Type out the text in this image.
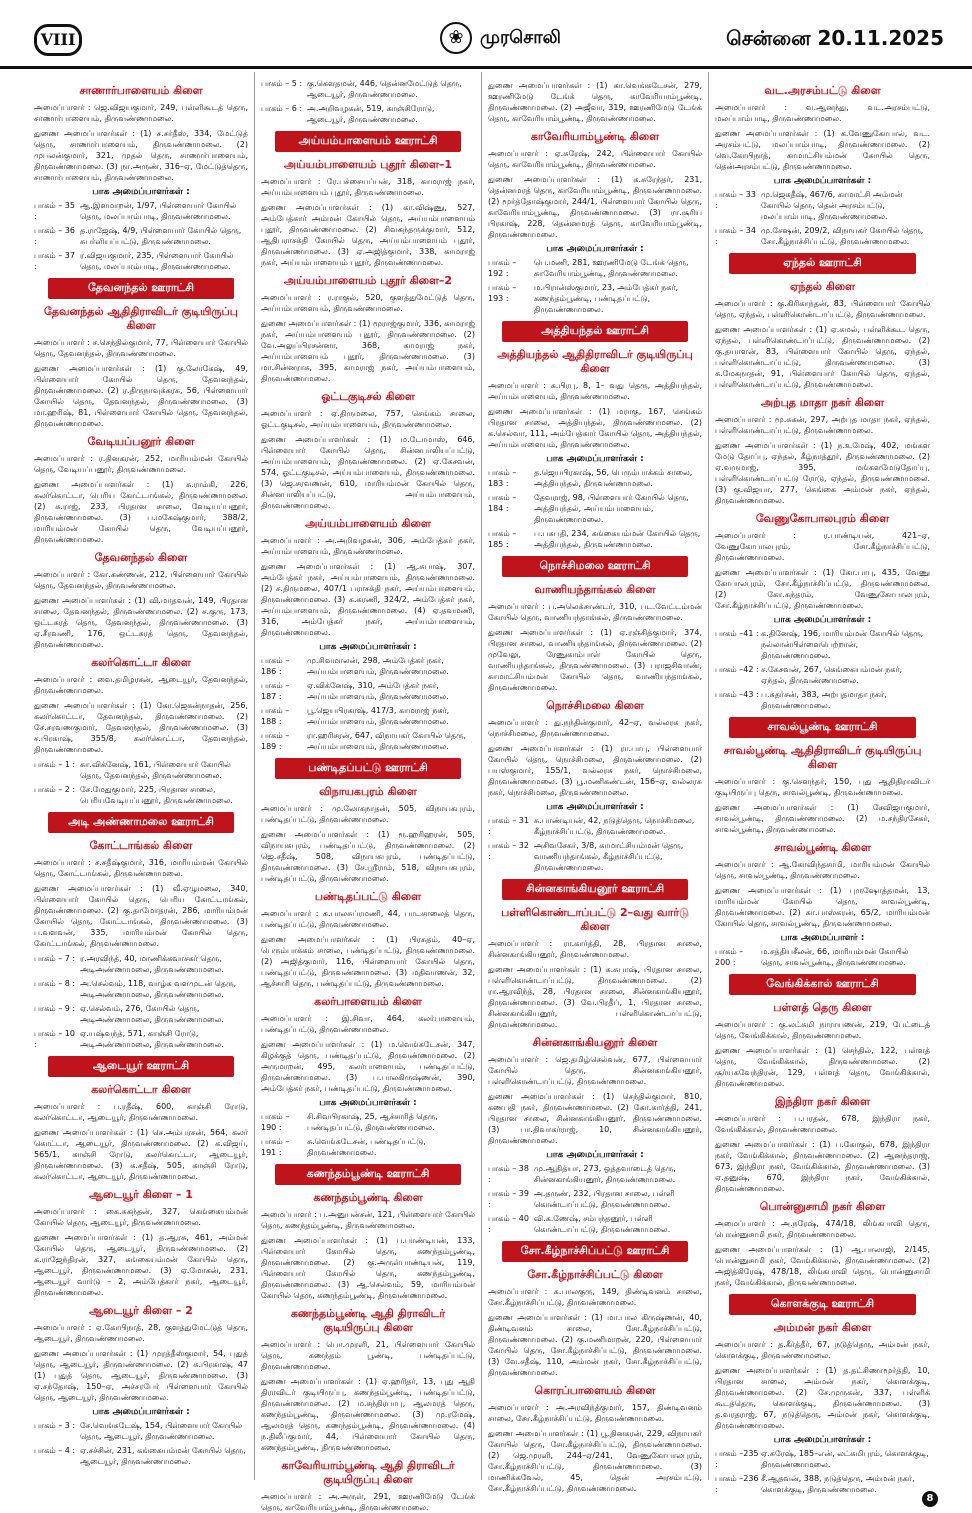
VIII	❀ முரசொலி	சென்னை 20.11.2025
சாணார்பாளையம் கிளை
அமைப்பாளர் : ஜெ.விஜயகுமார், 249, பள்ளிகூடத் தெரு, சாணார்பாளையம், திருவண்ணாமலை.
துணை அமைப்பாளர்கள் : (1) ச.சர்தீஸ், 334, மேட்டுத் தெரு, சாணார்பாளையம், திருவண்ணாமலை. (2) முபலன்குமார், 321, முதல் தெரு, சாணார்பாளையம், திருவண்ணாமலை. (3) நா.அருண், 316–ஏ, மேட்டுத்தெரு, சாணார்பாளையம், திருவண்ணாமலை.
பாக அமைப்பாளர்கள் :
பாகம் – 35 :
ஆ.இளமாறன், 1/97, பிள்ளையார் கோயில் தெரு, மலப்பாம்பாடி, திருவண்ணாமலை.
பாகம் – 36 :
த.ராஜேஷ், 4/9, பிள்ளையார் கோயில் தெரு, சுபர்ளியப்பட்டு, திருவண்ணாமலை.
பாகம் – 37 :
ர.விஜயகுமார், 235, பிள்ளையார் கோயில் தெரு, மலப்பாம்பாடி, திருவண்ணாமலை.
தேவனந்தல் ஊராட்சி
தேவனந்தல் ஆதிதிராவிடர் குடியிருப்பு கிளை
அமைப்பாளர் : ச.செந்தில்குமார், 77, பிள்ளையார் கோயில் தெரு, தேவனந்தல், திருவண்ணாமலை.
துணை அமைப்பாளர்கள் : (1) கு.லோகேஷ், 49, பிள்ளையார் கோயில் தெரு, தேவனந்தல், திருவண்ணாமலை. (2) ர.திருநாவுக்கரசு, 56, பிள்ளையார் கோயில் தெரு, தேவனந்தல், திருவண்ணாமலை. (3) மா.ஹரிஷ், 81, பிள்ளையார் கோயில் தெரு, தேவனந்தல், திருவண்ணாமலை.
வேடியப்பனூர் கிளை
அமைப்பாளர் : ர.தினகரன், 252, மாரியம்மன் கோயில் தெரு, வேடியப்பனூர், திருவண்ணாமலை.
துணை அமைப்பாளர்கள் : (1) சு.ராம்கி, 226, கலர்கொட்டா, பெரிய கோட்டாங்கல், திருவண்ணாமலை. (2) சு.ராஜ், 233, பிரதான சாலை, வேடியப்பனூர், திருவண்ணாமலை. (3) ப.மகேஷ்குமார், 388/2, மாரியம்மன் கோயில் தெரு, வேடியப்பனூர், திருவண்ணாமலை.
தேவனந்தல் கிளை
அமைப்பாளர் : கோ.கண்ணன், 212, பிள்ளையார் கோயில் தெரு, தேவனந்தல், திருவண்ணாமலை.
துணை அமைப்பாளர்கள் : (1) வி.மாதவன், 149, பிரதான சாலை, தேவனந்தல், திருவண்ணாமலை. (2) ச.குரு, 173, ஒட்டகரத் தெரு, தேவனந்தல், திருவண்ணாமலை. (3) ஏ.சீரவணி, 176, ஒட்டகரத் தெரு, தேவனந்தல், திருவண்ணாமலை.
கலர்கொட்டா கிளை
அமைப்பாளர் : வை.தமிழரசன், ஆடையூர், தேவனந்தல், திருவண்ணாமலை.
துணை அமைப்பாளர்கள் : (1) கோ.ஜெகன்நாதன், 256, கலர்கொட்டா, தேவனந்தல், திருவண்ணாமலை. (2) சே.சரவணகுமார், தேவனந்தல், திருவண்ணாமலை. (3) ச.பிரகாஷ், 355/8, கலர்கொட்டா, தேவனந்தல், திருவண்ணாமலை.
பாகம் – 1 : கா.விக்னேஷ், 161, பிள்ளையார் கோயில் தெரு, தேவனந்தல், திருவண்ணாமலை.
பாகம் – 2 : சே.மேதுகுமார், 225, பிரதான சாலை, பெரியவேடியப்பனூர், திருவண்ணாமலை.
அடி அண்ணாமலை ஊராட்சி
கோட்டாங்கல் கிளை
அமைப்பாளர் : ச.சதீஷ்குமார், 316, மாரியம்மன் கோயில் தெரு, கோட்டாங்கல், திருவண்ணாமலை.
துணை அமைப்பாளர்கள் : (1) வீ.ஏழுமலை, 340, பிள்ளையார் கோயில் தெரு, பெரிய கோட்டாங்கல், திருவண்ணாமலை. (2) கு.தாமோதரன், 286, மாரியம்மன் கோயில் தெரு, கோட்டாங்கல், திருவண்ணாமலை. (3) ப.வளவன், 335, மாரியம்மன் கோயில் தெரு, கோட்டாங்கல், திருவண்ணாமலை.
பாகம் – 7 : ர.அரவிந்த், 40, மாணிக்கவாசகர் தெரு, அடிஅண்ணாமலை, திருவண்ணாமலை.
பாகம் – 8 : அ.செல்வம், 118, வாழ்க வளமுடன் தெரு, அடிஅண்ணாமலை, திருவண்ணாமலை.
பாகம் – 9 : ஏ.செல்வம், 276, கோயில் தெரு, அடிஅண்ணாமலை, திருவண்ணாமலை.
பாகம் – 10 :
ஏ.யஷ்வந்த், 571, காஞ்சி ரோடு, அடிஅண்ணாமலை, திருவண்ணாமலை.
ஆடையூர் ஊராட்சி
கலர்கொட்டா கிளை
அமைப்பாளர் : ப.ரதீஷ், 600, காஞ்சி ரோடு, கலர்கொட்டா, ஆடையூர், திருவண்ணாமலை.
துணை அமைப்பாளர்கள் : (1) செ.அம்பரசன், 564, கலர் கொட்டா, ஆடையூர், திருவண்ணாமலை. (2) க.விஜய், 565/1, காஞ்சி ரோடு, கலர்கொட்டா, ஆடையூர், திருவண்ணாமலை. (3) க.சதீஷ், 505, காஞ்சி ரோடு, கலர்கொட்டா, ஆடையூர், திருவண்ணாமலை.
ஆடையூர் கிளை – 1
அமைப்பாளர் : கை.சுகந்தன், 327, கெங்கையம்மன் கோயில் தெரு, ஆடையூர், திருவண்ணாமலை.
துணை அமைப்பாளர்கள் : (1) த.ஆரசு, 461, அம்மன் கோயில் தெரு, ஆடையூர், திருவண்ணாமலை. (2) க.ராஜேந்திரன், 327, கங்கையம்மன் கோயில் தெரு, ஆடையூர், திருவண்ணாமலை. (3) ஏ.மோகன், 231, ஆடையூர் வார்டு – 2, அம்பேத்கார் நகர், ஆடையூர், திருவண்ணாமலை.
ஆடையூர் கிளை – 2
அமைப்பாளர் : ஏ.கோபிநாத், 28, குளத்துமேட்டுத் தெரு, ஆடையூர், திருவண்ணாமலை.
துணை அமைப்பாளர்கள் : (1) முரத்தீஸ்குமார், 54, புதுத் தெரு, ஆடையூர், திருவண்ணாமலை. (2) சு.பிரகாஷ், 47 (1) புதுத் தெரு, ஆடையூர், திருவண்ணாமலை. (3) ஏ.சந்தோஷ், 150–ஏ, அச்சரபேர் பிள்ளையார் கோயில் தெரு, ஆடையூர், திருவண்ணாமலை.
பாக அமைப்பாளர்கள் :
பாகம் – 3 : சே.வெங்கடேஷ், 154, பிள்ளையார் கோயில் தெரு, ஆடையூர், திருவண்ணாமலை.
பாகம் – 4 : ஏ.சச்சின், 231, கங்கையம்மன் கோயில் தெரு, ஆடையூர், திருவண்ணாமலை.
பாகம் – 5 : கு.கௌதமன், 446, தென்னமேட்டுத் தெரு, ஆடையூர், திருவண்ணாமலை.
பாகம் – 6 : அ.அறிவழகன், 519, காஞ்சிரோடு, ஆடையூர், திருவண்ணாமலை.
அய்யம்பாளையம் ஊராட்சி
அய்யம்பாளையம் புதூர் கிளை–1
அமைப்பாளர் : ரே.பச்சையப்பன், 318, காமராஜ் நகர், அய்யம்பாளையம் புதூர், திருவண்ணாமலை.
துணை அமைப்பாளர்கள் : (1) கா.விஷ்ணு, 527, அம்பேத்கார் அம்மன் கோயில் தெரு, அய்யம்பாளையம் புதூர், திருவண்ணாமலை. (2) சிவசுந்தருக்குமார், 512, ஆதிபராசக்தி கோயில் தெரு, அய்யம்பாளையம் புதூர், திருவண்ணாமலை. (3) ஏ.அஜித்குமார், 338, காமராஜ் நகர், அய்யம்பாளையம் புதூர், திருவண்ணாமலை.
அய்யம்பாளையம் புதூர் கிளை–2
அமைப்பாளர் : ர.ராகுல், 520, குளத்துமேட்டுத் தெரு, அய்யம்பாளையம், திருவண்ணாமலை.
துணை அமைப்பாளர்கள் : (1) மூராஜ்குமார், 336, காமராஜ் நகர், அய்யம்பாளையம் புதூர், திருவண்ணாமலை. (2) வே.அலுப்பிரசன்னா, 368, காமராஜ் நகர், அய்யம்பாளையம் புதூர், திருவண்ணாமலை. (3) மா.சின்னராசு, 395, காமராஜ் நகர், அய்யம்பாளையம், திருவண்ணாமலை.
ஓட்டகுடிசல் கிளை
அமைப்பாளர் : ஏ.திருமலை, 757, செங்கம் சாலை, ஓட்டகுடிசல், அய்யம்பாளையம், திருவண்ணாமலை.
துணை அமைப்பாளர்கள் : (1) ம.டோமாஸ், 646, பிள்ளையார் கோயில் தெரு, சின்னபாலியப்பட்டு, அய்யம்பாளையம், திருவண்ணாமலை. (2) ஏ.கேசவன், 574, ஓட்டகுடிசல், அய்யம்பாளையம், திருவண்ணாமலை. (3) ஜெ.சரவணன், 610, மாரியம்மன் கோயில் தெரு, சின்னபாலியப்பட்டு, அய்யம்பாளையம், திருவண்ணாமலை.
அய்யம்பாளையம் கிளை
அமைப்பாளர் : அ.அறிவழகன், 306, அம்பேத்கர் நகர், அய்யம்பாளையம், திருவண்ணாமலை.
துணை அமைப்பாளர்கள் : (1) ஆ.சுபாஷ், 307, அம்பேத்கர் நகர், அய்யம்பாளையம், திருவண்ணாமலை. (2) ச.திருமலை, 407/1 பராசக்தி நகர், அய்யம்பாளையம், திருவண்ணாமலை. (3) க.கரணி, 324/2, அம்பேத்கர் நகர், அய்யம்பாளையம், திருவண்ணாமலை. (4) ஏ.தவமணி, 316, அம்பேத்கர் நகர், அய்யம்பாளையம், திருவண்ணாமலை.
பாக அமைப்பாளர்கள் :
பாகம் – 186 :
மு.சிவமாலன், 298, அம்பேத்கர் நகர், அய்யம்பாளையம், திருவண்ணாமலை.
பாகம் – 187 :
ஏ.விக்னேஷ், 310, அம்பேத்கர் நகர், அய்யம்பாளையம், திருவண்ணாமலை.
பாகம் – 188 :
பூ.ஜெயபிரகாஷ், 417/3, காமராஜ் நகர், அய்யம்பாளையம், திருவண்ணாமலை.
பாகம் – 189 :
ரா.ஹரிசரன், 647, விநாயகர் கோயில் தெரு, அய்யம்பாளையம், திருவண்ணாமலை.
பண்டிதப்பட்டு ஊராட்சி
விநாயகபுரம் கிளை
அமைப்பாளர் : மு.லோகநாதன், 505, விநாயகபுரம், பண்டிதப்பட்டு, திருவண்ணாமலை.
துணை அமைப்பாளர்கள் : (1) ரூ.ஹரிஹரன், 505, விநாயகபுரம், பண்டிதப்பட்டு, திருவண்ணாமலை. (2) ஜெ.சதீஷ், 508, விநாயகபுரம், பண்டிதப்பட்டு, திருவண்ணாமலை. (3) சே.ஸ்ரீராம், 518, விநாயகபுரம், பண்டிதப்பட்டு, திருவண்ணாமலை.
பண்டிதப்பட்டு கிளை
அமைப்பாளர் : க.பாலசுப்ரமணி, 44, பாடசாலைத் தெரு, பண்டிதப்பட்டு, திருவண்ணாமலை.
துணை அமைப்பாளர்கள் : (1) பிரசுதம், 40–ஏ, பெரும்பாக்கம் சாலை, பண்டிதப்பட்டு, திருவண்ணாமலை. (2) அஜித்குமார், 116, பிள்ளையார் கோயில் தெரு, பண்டிதப்பட்டு, திருவண்ணாமலை. (3) மதிவாணன், 32, ஆச்சாரி தெரு, பண்டிதப்பட்டு, திருவண்ணாமலை.
கலர்பாளையம் கிளை
அமைப்பாளர் : இ.சிவா, 464, கலர்பாளையம், பண்டிதப்பட்டு, திருவண்ணாமலை.
துணை அமைப்பாளர்கள் : (1) ம.வெங்கடேசன், 347, கிழக்குத் தெரு, பண்டிதப்பட்டு, திருவண்ணாமலை. (2) அருமாறன், 495, கலர்பாளையம், பண்டிதப்பட்டு, திருவண்ணாமலை. (3) ப.பாலகிருஷ்ணன், 390, அம்பேத்கர் நகர், பண்டிதப்பட்டு, திருவண்ணாமலை.
பாக அமைப்பாளர்கள் :
பாகம் – 190 :
சி.சிவபிரகாஷ், 25, ஆச்சாரித் தெரு, பண்டிதப்பட்டு, திருவண்ணாமலை.
பாகம் – 191 :
சு.வெங்கடேசன், பண்டிதப்பட்டு, திருவண்ணாமலை.
கணந்தம்பூண்டி ஊராட்சி
கணந்தம்பூண்டி கிளை
அமைப்பாளர் : ப.அனுபன்சன், 121, பிள்ளையார் கோயில் தெரு, கணந்தம்பூண்டி, திருவண்ணாமலை.
துணை அமைப்பாளர்கள் : (1) ப.பாண்டியன், 133, பிள்ளையார் கோயில் தெரு, கணந்தம்பூண்டி, திருவண்ணாமலை. (2) கு.அருள்பாண்டியன், 119, பிள்ளையார் கோயில் தெரு, கணந்தம்பூண்டி, திருவண்ணாமலை. (3) ஆ.செல்வம், 59, மாரியம்மன் கோயில் தெரு, கணந்தம்பூண்டி, திருவண்ணாமலை.
கணந்தம்பூண்டி ஆதி திராவிடர் குடியிருப்பு கிளை
அமைப்பாளர் : பொ.முரளி, 21, பிள்ளையார் கோயில் தெரு, கணந்தம் பூண்டி, பண்டிதப்பட்டு, திருவண்ணாமலை.
துணை அமைப்பாளர்கள் : (1) ஏ.ஹரிதர், 13, புது ஆதி திராவிடர் குடியிருப்பு, கணந்தம்பூண்டி, பண்டிதப்பட்டு, திருவண்ணாமலை. (2) ம.சந்திரபாபு, ஆலமரத் தெரு, கணந்தம்பூண்டி, திருவண்ணாமலை. (3) மு.ரமேஷ், ஆலமரத் தெரு, கணந்தம்பூண்டி, திருவண்ணாமலை. (4) ந.திலீப்குமார், 44, பிள்ளையார் கோயில் தெரு, கணந்தம்பூண்டி, திருவண்ணாமலை.
காவேரியாம்பூண்டி ஆதி திராவிடர் குடியிருப்பு கிளை
அமைப்பாளர் : அ.அருள், 291, ஊரணிமேடு டேங்க் தெரு, காவேரியாம்பூண்டி, திருவண்ணாமலை.
துணை அமைப்பாளர்கள் : (1) கா.வெங்கடேசன், 279, ஊரணிமேடு டேங்க் தெரு, காவேரியாம்பூண்டி, திருவண்ணாமலை. (2) அஜீவா, 319, ஊரணிமேடு டேங்க் தெரு, காவேரியாம்பூண்டி, திருவண்ணாமலை.
காவேரியாம்பூண்டி கிளை
அமைப்பாளர் : ஏ.சுரேஷ், 242, பிள்ளையார் கோயில் தெரு, காவேரியாம்பூண்டி, திருவண்ணாமலை.
துணை அமைப்பாளர்கள் : (1) க.சுரேந்தர், 231, தென்னமரத் தெரு, காவேரியாம்பூண்டி, திருவண்ணாமலை. (2) மூர்த்தோஷ்குமார், 244/1, பிள்ளையார் கோயில் தெரு, காவேரியாம்பூண்டி, திருவண்ணாமலை. (3) ரா.சூரிய பிரகாஷ், 228, தென்னமரத் தெரு, காவேரியாம்பூண்டி, திருவண்ணாமலை.
பாக அமைப்பாளர்கள் :
பாகம் – 192 :
பெ.மணி, 281, ஊரணிமேடு டேங்க் தெரு, காவேரியாம்பூண்டி, திருவண்ணாமலை.
பாகம் – 193 :
ம.பிரான்ஸ்குமார், 23, அம்பேத்கர் நகர், கணந்தம்பூண்டி, பண்டிதப்பட்டு, திருவண்ணாமலை.
அத்தியந்தல் ஊராட்சி
அத்தியந்தல் ஆதிதிராவிடர் குடியிருப்பு கிளை
அமைப்பாளர் : க.பிரபு, 8, 1– வது தெரு, அத்தியந்தல், அய்யம்பாளையம், திருவண்ணாமலை.
துணை அமைப்பாளர்கள் : (1) மராகு, 167, செங்கம் பிரதான சாலை, அத்தியந்தல், திருவண்ணாமலை. (2) க.செல்வா, 111, அம்பேத்கார் கோயில் தெரு, அத்தியந்தல், அய்யம்பாளையம், திருவண்ணாமலை.
பாக அமைப்பாளர்கள் :
பாகம் – 183 :
த.ஜெயபிரகாஷ், 56, பெரும்பாக்கம் சாலை, அத்தியந்தல், திருவண்ணாமலை.
பாகம் – 184 :
தேவராஜ், 98, பிள்ளையார் கோயில் தெரு, அத்தியந்தல், அய்யம்பாளையம், திருவண்ணாமலை.
பாகம் – 185 :
ப.பசுபதி, 234, கங்கையம்மன் கோயில் தெரு, அத்தியந்தல், திருவண்ணாமலை.
நொச்சிமலை ஊராட்சி
வாணியந்தாங்கல் கிளை
அமைப்பாளர் : ப.அலெக்சாண்டர், 310, பட.வேட்டம்மன் கோயில் தெரு, வாணியந்தாங்கல், திருவண்ணாமலை.
துணை அமைப்பாளர்கள் : (1) ஏ.ரஞ்சித்குமார், 374, பிரதான சாலை, வாணியந்தாங்கல், திருவண்ணாமலை. (2) முவேலு, ரேணுகாம்பாள் கோயில் தெரு, வாணியந்தாங்கல், திருவண்ணாமலை. (3) பராஜசிவாண், காமாட்சியம்மன் கோயில் தெரு, வாணியந்தாங்கல், திருவண்ணாமலை.
நொச்சிமலை கிளை
அமைப்பாளர் : து.நந்தின்குமார், 42–ஏ, வல்லரசு நகர், நொச்சிமலை, திருவண்ணாமலை.
துணை அமைப்பாளர்கள் : (1) ரா.பாபு, பிள்ளையார் கோயில் தெரு, நொச்சிமலை, திருவண்ணாமலை. (2) பயஸ்குமார், 155/1, வல்லரசு நகர், நொச்சிமலை, திருவண்ணாமலை. (3) பூ.மணிகண்டன், 156–ஏ, வல்லரசு நகர், நொச்சிமலை, திருவண்ணாமலை.
பாக அமைப்பாளர்கள் :
பாகம் – 31 :
சு.பாண்டியன், 42, நடுத்தெரு, நொச்சிமலை, கீழ்நாச்சிப்பட்டு, திருவண்ணாமலை.
பாகம் – 32 :
அசிவசேகர், 3/8, காமாட்சியம்மன் தெரு, வாணியந்தாங்கல், கீழ்நாச்சிப்பட்டு, திருவண்ணாமலை.
சின்னகாங்கியனூர் ஊராட்சி
பள்ளிகொண்டாப்பட்டு 2–வது வார்டு கிளை
அமைப்பாளர் : ரா.கார்த்தி, 28, பிரதான சாலை, சின்னகாங்கியனூர், திருவண்ணாமலை.
துணை அமைப்பாளர்கள் : (1) க.சுபாஷ், பிரதான சாலை, பள்ளிகொண்டாப்பட்டு, திருவண்ணாமலை. (2) ரா.ஆரவிந்த், 28, பிரதான சாலை, சின்னகாங்கியனூர், திருவண்ணாமலை. (3) வே.பிரதீப், 1, பிரதான சாலை, சின்னகாங்கியனூர், பள்ளிகொண்டாப்பட்டு, திருவண்ணாமலை.
சின்னகாங்கியனூர் கிளை
அமைப்பாளர் : ஜெ.தமிழ்செல்வன், 677, பிள்ளையார் கோயில் தெரு, சின்னகாங்கியனூர், பள்ளிகொண்டாப்பட்டு, திருவண்ணாமலை.
துணை அமைப்பாளர்கள் : (1) செந்தில்குமார், 810, கணபதி நகர், திருவண்ணாமலை. (2) கோ.கார்த்தி, 241, பிரதான சாலை, சின்னகாங்கியனூர், திருவண்ணாமலை. (3) பா.திவாகர்ராஜ், 10, சின்னகாங்கியனூர், திருவண்ணாமலை.
பாக அமைப்பாளர்கள் :
பாகம் – 38 :
மு.ஆதித்யா, 273, ஒத்தவாடைத் தெரு, சின்னகாங்கியனூர், திருவண்ணாமலை.
பாகம் – 39 :
அ.தருண், 232, பிரதான சாலை, பள்ளி கொண்டாப்பட்டு, திருவண்ணாமலை.
பாகம் – 40 :
வி.க.ணேஷ், சம்பந்தனூர், பள்ளி கொண்டாப்பட்டு, திருவண்ணாமலை.
சோ.கீழ்நாச்சிப்பட்டு ஊராட்சி
சோ.கீழ்நாச்சிப்பட்டு கிளை
அமைப்பாளர் : க.பாலகுரு, 149, திண்டிவனம் சாலை, சோ.கீழ்நாச்சிப்பட்டு, திருவண்ணாமலை.
துணை அமைப்பாளர்கள் : (1) மா.பால கிருஷ்ணன், 40, திண்டிவனம் சாலை, சோ.கீழ்நாச்சிப்பட்டு, திருவண்ணாமலை. (2) கு.மணிமாறன், 220, பிள்ளையார் கோயில் தெரு, சோ.கீழ்நாச்சிப்பட்டு, திருவண்ணாமலை. (3) வே.சதீஷ், 110, அம்மன் நகர், சோ.கீழ்நாச்சிப்பட்டு, திருவண்ணாமலை.
கொரப்பாளையம் கிளை
அமைப்பாளர் : அ.அரவிந்த்குமார், 157, திண்டிவனம் சாலை, சோ.கீழ்நாச்சிப்பட்டு, திருவண்ணாமலை.
துணை அமைப்பாளர்கள் : (1) பூ.தினகரன், 229, விநாயகர் கோயில் தெரு, சோ.கீழ்நாச்சிப்பட்டு, திருவண்ணாமலை. (2) ஜெ.முரளி, 244–ஏ/241, வேணுகோபாலபுரம், சோ.கீழ்நாச்சிப்பட்டு, திருவண்ணாமலை. (3) மாணிக்கவேல், 45, தென் அரசம்பட்டு, சோ.கீழ்நாச்சிப்பட்டு, திருவண்ணாமலை.
வட.அரசம்பட்டு கிளை
அமைப்பாளர் : வ.ஆனந்து, வட.அரசம்பட்டு, மலப்பாம்பாடி, திருவண்ணாமலை.
துணை அமைப்பாளர்கள் : (1) க.வேணுகோபால், வட. அரசம்பட்டு, மலப்பாம்பாடி, திருவண்ணாமலை. (2) வெ.கோபிநாத், காமாட்சியம்மன் கோயில் தெரு, தென்அரசம்பட்டு, திருவண்ணாமலை.
பாக அமைப்பாளர்கள் :
பாகம் – 33 :
மு.ஜெகதீஷ், 467/6, காமாட்சி அம்மன் கோயில் தெரு, தென் அரசம்பட்டு, மலப்பாம்பாடி, திருவண்ணாமலை.
பாகம் – 34 :
மு.சேஷன், 209/2, விநாயகர் கோயில் தெரு, சோ.கீழ்நாச்சிப்பட்டு, திருவண்ணாமலை.
ஏந்தல் ஊராட்சி
ஏந்தல் கிளை
அமைப்பாளர் : கு.கிரிகாந்தன், 83, பிள்ளையார் கோயில் தெரு, ஏந்தல், பள்ளிகொண்டாப்பட்டு, திருவண்ணாமலை.
துணை அமைப்பாளர்கள் : (1) ஏ.கமல், பள்ளிக்கூட தெரு, ஏந்தல், பள்ளிகொண்டாப்பட்டு, திருவண்ணாமலை. (2) கு.தயாளன், 83, பிள்ளையார் கோயில் தெரு, ஏந்தல், பள்ளிகொண்டாப்பட்டு, திருவண்ணாமலை. (3) க.மேகநாதன், 91, பிள்ளையார் கோயில் தெரு, ஏந்தல், பள்ளிகொண்டாப்பட்டு, திருவண்ணாமலை.
அற்புத மாதா நகர் கிளை
அமைப்பாளர் : மூ.சுகன், 297, அற்புத மாதா நகர், ஏந்தல், பள்ளிகொண்டாப்பட்டு, திருவண்ணாமலை.
துணை அமைப்பாளர்கள் : (1) ந.உமேஷ், 402, மங்கள மேடு தோப்பு, ஏந்தல், கீழ்நாத்தூர், திருவண்ணாமலை. (2) ஏ.வருமாஜ், 395, மங்களமேடுதோப்பு, பள்ளிகொண்டாப்பட்டு ரோடு, ஏந்தல், திருவண்ணாமலை. (3) கு.விஜயா, 277, கெங்கை அம்மன் நகர், ஏந்தல், திருவண்ணாமலை.
வேணுகோபாலபுரம் கிளை
அமைப்பாளர் : ர.பாண்டியன், 421–ஏ, வேணுகோபாலபுரம், சோ.கீழ்நாச்சிப்பட்டு, திருவண்ணாமலை.
துணை அமைப்பாளர்கள் : (1) கோ.பாபு, 435, வேணு கோபாலபுரம், சோ.கீழ்நாச்சிப்பட்டு, திருவண்ணாமலை. (2) கோ.சுந்தரம், வேணுகோபாலபுரம், சோ.கீழ்நாச்சிப்பட்டு, திருவண்ணாமலை.
பாக அமைப்பாளர்கள் :
பாகம் –41 : க.தினேஷ், 196, மாரியம்மன் கோயில் தெரு, நல்லான்பிள்ளைபெற்றான், திருவண்ணாமலை.
பாகம் –42 : ச.கேசவன், 267, கெங்கையம்மன் நகர், ஏந்தல், திருவண்ணாமலை.
பாகம் –43 : ப.சுதர்சன், 383, அற்புதமாதா நகர், திருவண்ணாமலை.
சாவல்பூண்டி ஊராட்சி
சாவல்பூண்டி ஆதிதிராவிடர் குடியிருப்பு கிளை
அமைப்பாளர் : கு.செளந்தர், 150, புது ஆதிதிராவிடர் குடியிருப்பு தெரு, சாவல்பூண்டி, திருவண்ணாமலை.
துணை அமைப்பாளர்கள் : (1) சேவிஜயகுமார், சாவல்பூண்டி, திருவண்ணாமலை. (2) ம.சந்திரசேகர், சாவல்பூண்டி, திருவண்ணாமலை.
சாவல்பூண்டி கிளை
அமைப்பாளர் : ஆ.கோவிந்தசாமி, மாரியம்மன் கோயில் தெரு, சாவல்பூண்டி, திருவண்ணாமலை.
துணை அமைப்பாளர்கள் : (1) புருஷோத்தமன், 13, மாரியம்மன் கோயில் தெரு, சாவல்பூண்டி, திருவண்ணாமலை. (2) கா.பாஸ்கரன், 65/2, மாரியம்மன் கோயில் தெரு, சாவல்பூண்டி, திருவண்ணாமலை.
பாக அமைப்பாளர் :
பாகம் – 200 :
ம.சத்தியசீலன், 66, மாரியம்மன் கோயில் தெரு, சாவல்பூண்டி, திருவண்ணாமலை.
வேங்கிக்கால் ஊராட்சி
பள்ளத் தெரு கிளை
அமைப்பாளர் : கு.லட்சுமி நாராயணன், 219, பேட்டைத் தெரு, வேங்கிக்கால், திருவண்ணாமலை.
துணை அமைப்பாளர்கள் : (1) செந்தில், 122, பள்ளத் தெரு, வேங்கிக்கால், திருவண்ணாமலை. (2) சூர்யகவேந்திரன், 129, பள்ளத் தெரு, வேங்கிக்கால், திருவண்ணாமலை.
இந்திரா நகர் கிளை
அமைப்பாளர் : ப.பரதன், 678, இந்திரா நகர், வேங்கிக்கால், திருவண்ணாமலை.
துணை அமைப்பாளர்கள் : (1) ப.கோகுல், 678, இந்திரா நகர், வேங்கிக்கால், திருவண்ணாமலை. (2) ஆனந்தராஜ், 673, இந்திரா நகர், வேங்கிக்கால், திருவண்ணாமலை. (3) ஏ.தனுஷ், 670, இந்திரா நகர், வேங்கிக்கால், திருவண்ணாமலை.
பொன்னுசாமி நகர் கிளை
அமைப்பாளர் : அ.நரேஷ், 474/18, லிங்கபாவி தெரு, பொன்னுசாமி நகர், திருவண்ணாமலை.
துணை அமைப்பாளர்கள் : (1) ஆ.பாலாஜி, 2/145, பொன்னுசாமி நகர், வேங்கிக்கால், திருவண்ணாமலை. (2) அஜித்கிரேஷ், 478/18, லிங்கபாவி தெரு, பொன்னுசாமி நகர், வேங்கிக்கால், திருவண்ணாமலை.
கொளக்குடி ஊராட்சி
அம்மன் நகர் கிளை
அமைப்பாளர் : த.கீர்த்தீர், 67, நடுத்தெரு, அம்மன் நகர், கொளக்குடி, திருவண்ணாமலை.
துணை அமைப்பாளர்கள் : (1) த.தட்சிணாமூர்த்தி, 10, பிரதான சாலை, அம்மன் நகர், கொளக்குடி, திருவண்ணாமலை. (2) சே.முருகன், 337, பள்ளிக் கூடத்தெரு, கொளக்குடி, திருவண்ணாமலை. (3) த.வரதராஜ், 67, நடுத்தெரு, அம்மன் நகர், கொளக்குடி, திருவண்ணாமலை.
பாக அமைப்பாளர்கள் :
பாகம் –235 :
ஏ.சுரேஷ், 185–என், லட்சுமிபுரம், கொளக்குடி, திருவண்ணாமலை.
பாகம் –236 :
சீ.ஆதவன், 388, நடுத்தெரு, அம்மன் நகர், கொளக்குடி, திருவண்ணாமலை.
8
